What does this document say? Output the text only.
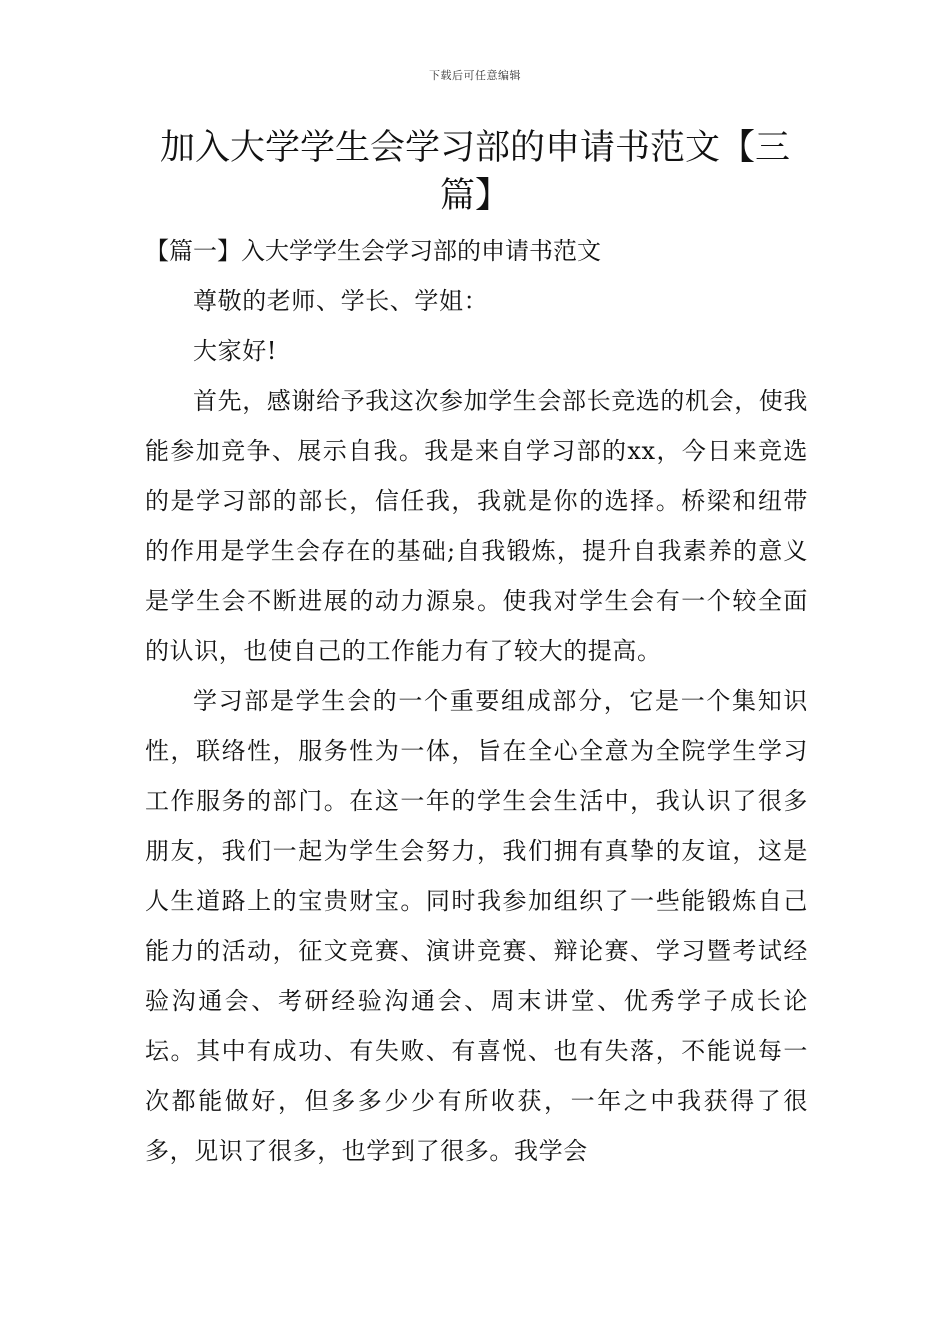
下载后可任意编辑
加入大学学生会学习部的申请书范文【三篇】

【篇一】入大学学生会学习部的申请书范文

尊敬的老师、学长、学姐：

大家好!

首先，感谢给予我这次参加学生会部长竞选的机会，使我能参加竞争、展示自我。我是来自学习部的xx，今日来竞选的是学习部的部长，信任我，我就是你的选择。桥梁和纽带的作用是学生会存在的基础;自我锻炼，提升自我素养的意义是学生会不断进展的动力源泉。使我对学生会有一个较全面的认识，也使自己的工作能力有了较大的提高。

学习部是学生会的一个重要组成部分，它是一个集知识性，联络性，服务性为一体，旨在全心全意为全院学生学习工作服务的部门。在这一年的学生会生活中，我认识了很多朋友，我们一起为学生会努力，我们拥有真挚的友谊，这是人生道路上的宝贵财宝。同时我参加组织了一些能锻炼自己能力的活动，征文竞赛、演讲竞赛、辩论赛、学习暨考试经验沟通会、考研经验沟通会、周末讲堂、优秀学子成长论坛。其中有成功、有失败、有喜悦、也有失落，不能说每一次都能做好，但多多少少有所收获，一年之中我获得了很多，见识了很多，也学到了很多。我学会
